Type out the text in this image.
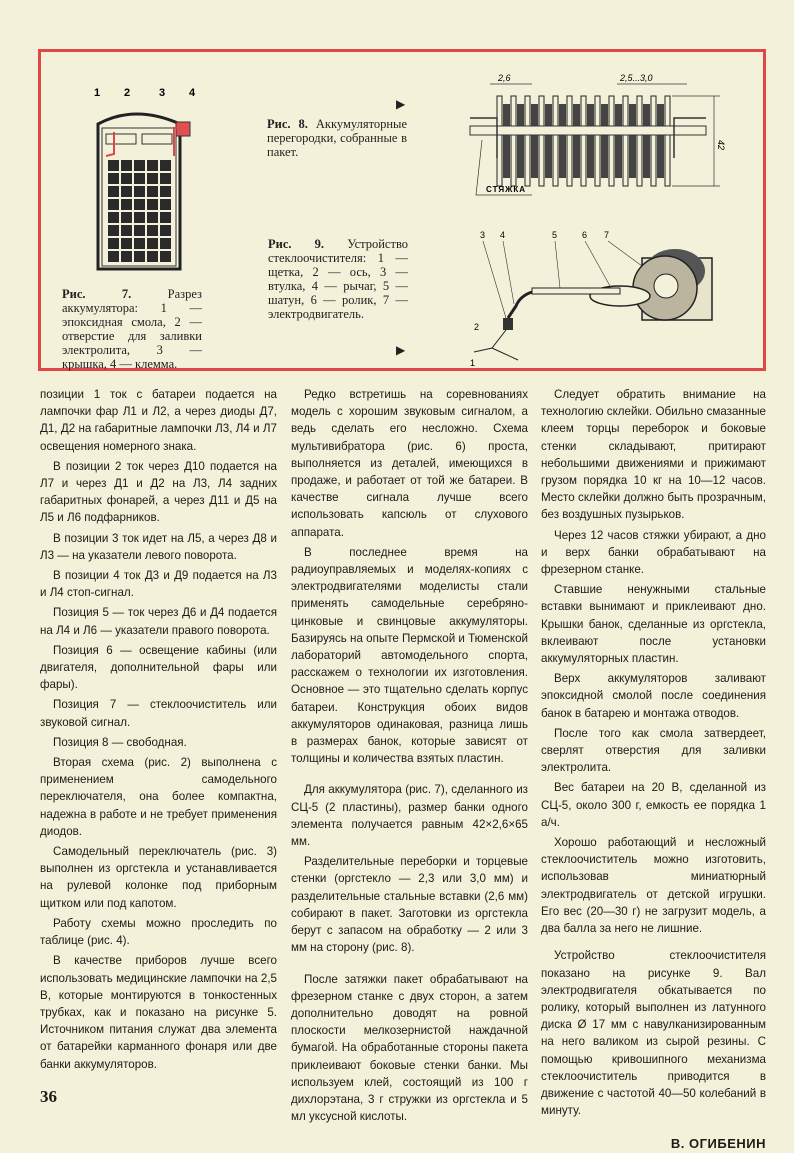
1 2	3 4
Рис. 7.	Разрез аккумулятора: 1 — эпоксидная смола, 2 — отверстие для заливки электролита, 3 — крышка, 4 — клемма.
▶
Рис. 8. Аккумуляторные перегородки, собранные в пакет.
Рис. 9. Устройство стеклоочистителя: 1 — щетка, 2 — ось, 3 — втулка, 4 — рычаг, 5 — шатун, 6 — ролик, 7 — электродвигатель.
▶
2,6	2,5...3,0
42
СТЯЖКА
3 4	5	6 7
2
1

позиции 1 ток с батареи подается на лампочки фар Л1 и Л2, а через диоды Д7, Д1, Д2 на габаритные лампочки Л3, Л4 и Л7 освещения номерного знака.

В позиции 2 ток через Д10 подается на Л7 и через Д1 и Д2 на Л3, Л4 задних габаритных фонарей, а через Д11 и Д5 на Л5 и Л6 подфарников.

В позиции 3 ток идет на Л5, а через Д8 и Л3 — на указатели левого поворота.

В позиции 4 ток Д3 и Д9 подается на Л3 и Л4 стоп-сигнал.

Позиция 5 — ток через Д6 и Д4 подается на Л4 и Л6 — указатели правого поворота.

Позиция 6 — освещение кабины (или двигателя, дополнительной фары или фары).

Позиция 7 — стеклоочиститель или звуковой сигнал.

Позиция 8 — свободная.

Вторая схема (рис. 2) выполнена с применением самодельного переключателя, она более компактна, надежна в работе и не требует применения диодов.

Самодельный переключатель (рис. 3) выполнен из оргстекла и устанавливается на рулевой колонке под приборным щитком или под капотом.

Работу схемы можно проследить по таблице (рис. 4).

В качестве приборов лучше всего использовать медицинские лампочки на 2,5 В, которые монтируются в тонкостенных трубках, как и показано на рисунке 5. Источником питания служат два элемента от батарейки карманного фонаря или две банки аккумуляторов.

36

Редко встретишь на соревнованиях модель с хорошим звуковым сигналом, а ведь сделать его несложно. Схема мультивибратора (рис. 6) проста, выполняется из деталей, имеющихся в продаже, и работает от той же батареи. В качестве сигнала лучше всего использовать капсюль от слухового аппарата.

В последнее время на радиоуправляемых и моделях-копиях с электродвигателями моделисты стали применять самодельные серебряно-цинковые и свинцовые аккумуляторы. Базируясь на опыте Пермской и Тюменской лабораторий автомодельного спорта, расскажем о технологии их изготовления. Основное — это тщательно сделать корпус батареи. Конструкция обоих видов аккумуляторов одинаковая, разница лишь в размерах банок, которые зависят от толщины и количества взятых пластин.

Для аккумулятора (рис. 7), сделанного из СЦ-5 (2 пластины), размер банки одного элемента получается равным 42×2,6×65 мм.

Разделительные переборки и торцевые стенки (оргстекло — 2,3 или 3,0 мм) и разделительные стальные вставки (2,6 мм) собирают в пакет. Заготовки из оргстекла берут с запасом на обработку — 2 или 3 мм на сторону (рис. 8).

После затяжки пакет обрабатывают на фрезерном станке с двух сторон, а затем дополнительно доводят на ровной плоскости мелкозернистой наждачной бумагой. На обработанные стороны пакета приклеивают боковые стенки банки. Мы используем клей, состоящий из 100 г дихлорэтана, 3 г стружки из оргстекла и 5 мл уксусной кислоты.

Следует обратить внимание на технологию склейки. Обильно смазанные клеем торцы переборок и боковые стенки складывают, притирают небольшими движениями и прижимают грузом порядка 10 кг на 10—12 часов. Место склейки должно быть прозрачным, без воздушных пузырьков.

Через 12 часов стяжки убирают, а дно и верх банки обрабатывают на фрезерном станке.

Ставшие ненужными стальные вставки вынимают и приклеивают дно. Крышки банок, сделанные из оргстекла, вклеивают после установки аккумуляторных пластин.

Верх аккумуляторов заливают эпоксидной смолой после соединения банок в батарею и монтажа отводов.

После того как смола затвердеет, сверлят отверстия для заливки электролита.

Вес батареи на 20 В, сделанной из СЦ-5, около 300 г, емкость ее порядка 1 а/ч.

Хорошо работающий и несложный стеклоочиститель можно изготовить, использовав миниатюрный электродвигатель от детской игрушки. Его вес (20—30 г) не загрузит модель, а два балла за него не лишние.

Устройство стеклоочистителя показано на рисунке 9. Вал электродвигателя обкатывается по ролику, который выполнен из латунного диска Ø 17 мм с навулканизированным на него валиком из сырой резины. С помощью кривошипного механизма стеклоочиститель приводится в движение с частотой 40—50 колебаний в минуту.

В. ОГИБЕНИН
